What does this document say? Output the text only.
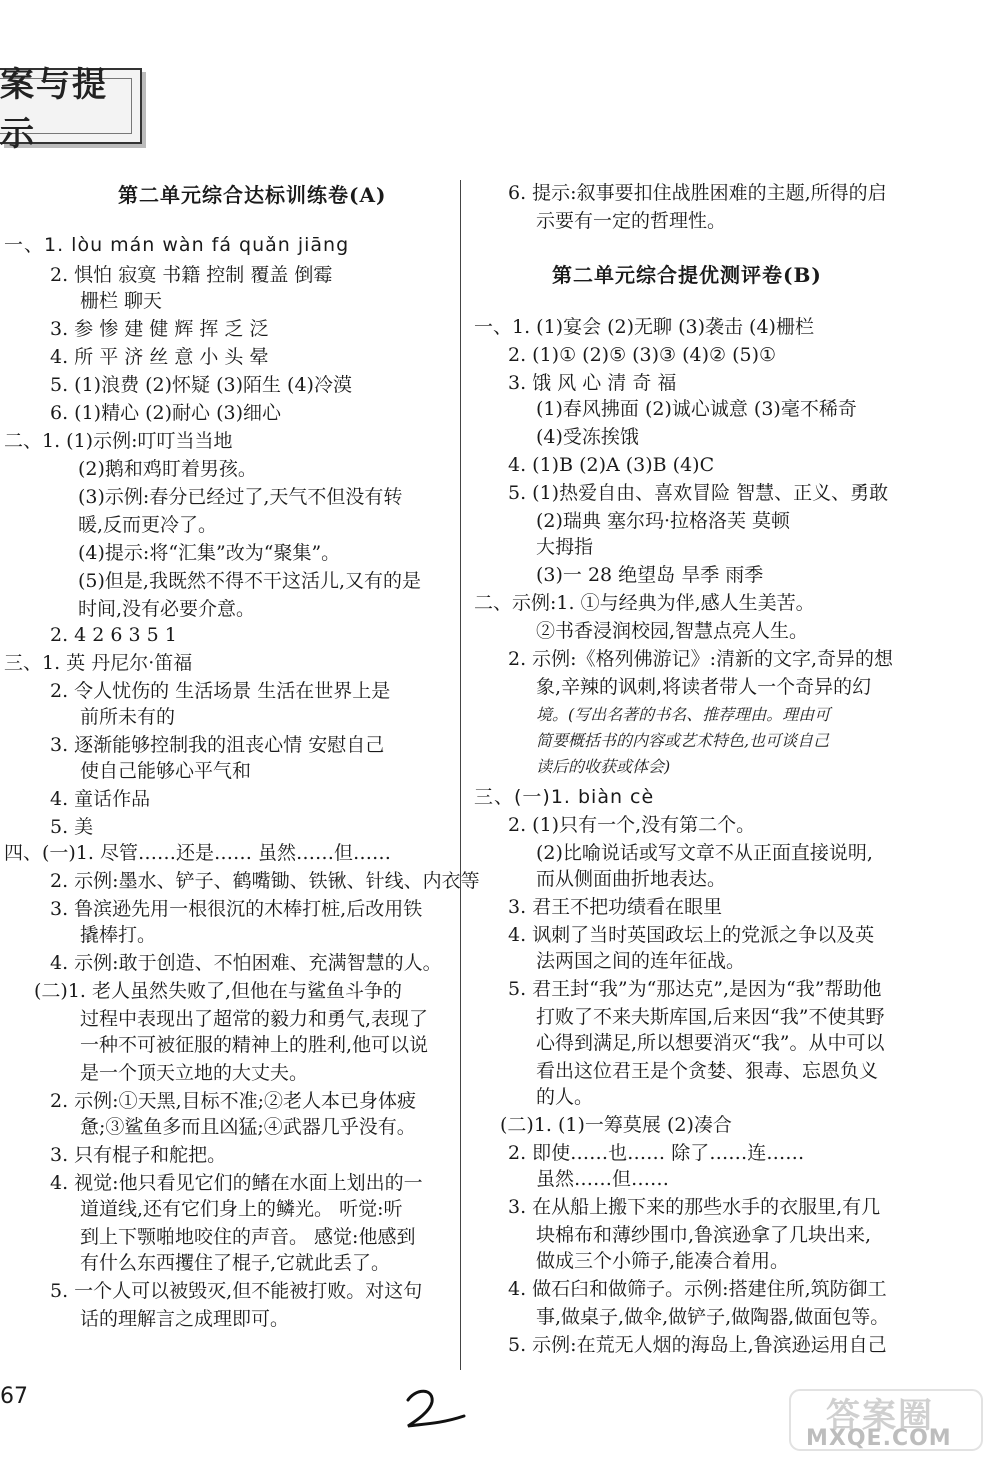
案与提示
第二单元综合达标训练卷(A)
一、1. lòu mán wàn fá quǎn jiāng
2. 惧怕 寂寞 书籍 控制 覆盖 倒霉
栅栏 聊天
3. 参 惨 建 健 辉 挥 乏 泛
4. 所 平 济 丝 意 小 头 晕
5. (1)浪费 (2)怀疑 (3)陌生 (4)冷漠
6. (1)精心 (2)耐心 (3)细心
二、1. (1)示例:叮叮当当地
(2)鹅和鸡盯着男孩。
(3)示例:春分已经过了,天气不但没有转
暖,反而更冷了。
(4)提示:将“汇集”改为“聚集”。
(5)但是,我既然不得不干这活儿,又有的是
时间,没有必要介意。
2. 4 2 6 3 5 1
三、1. 英 丹尼尔·笛福
2. 令人忧伤的 生活场景 生活在世界上是
前所未有的
3. 逐渐能够控制我的沮丧心情 安慰自己
使自己能够心平气和
4. 童话作品
5. 美
四、(一)1. 尽管……还是…… 虽然……但……
2. 示例:墨水、铲子、鹤嘴锄、铁锹、针线、内衣等
3. 鲁滨逊先用一根很沉的木棒打桩,后改用铁
撬棒打。
4. 示例:敢于创造、不怕困难、充满智慧的人。
(二)1. 老人虽然失败了,但他在与鲨鱼斗争的
过程中表现出了超常的毅力和勇气,表现了
一种不可被征服的精神上的胜利,他可以说
是一个顶天立地的大丈夫。
2. 示例:①天黑,目标不准;②老人本已身体疲
惫;③鲨鱼多而且凶猛;④武器几乎没有。
3. 只有棍子和舵把。
4. 视觉:他只看见它们的鳍在水面上划出的一
道道线,还有它们身上的鳞光。 听觉:听
到上下颚啪地咬住的声音。 感觉:他感到
有什么东西攫住了棍子,它就此丢了。
5. 一个人可以被毁灭,但不能被打败。对这句
话的理解言之成理即可。
6. 提示:叙事要扣住战胜困难的主题,所得的启
示要有一定的哲理性。
第二单元综合提优测评卷(B)
一、1. (1)宴会 (2)无聊 (3)袭击 (4)栅栏
2. (1)① (2)⑤ (3)③ (4)② (5)①
3. 饿 风 心 清 奇 福
(1)春风拂面 (2)诚心诚意 (3)毫不稀奇
(4)受冻挨饿
4. (1)B (2)A (3)B (4)C
5. (1)热爱自由、喜欢冒险 智慧、正义、勇敢
(2)瑞典 塞尔玛·拉格洛芙 莫顿
大拇指
(3)一 28 绝望岛 旱季 雨季
二、示例:1. ①与经典为伴,感人生美苦。
②书香浸润校园,智慧点亮人生。
2. 示例:《格列佛游记》:清新的文字,奇异的想
象,辛辣的讽刺,将读者带人一个奇异的幻
境。(写出名著的书名、推荐理由。理由可
简要概括书的内容或艺术特色,也可谈自己
读后的收获或体会)
三、(一)1. biàn cè
2. (1)只有一个,没有第二个。
(2)比喻说话或写文章不从正面直接说明,
而从侧面曲折地表达。
3. 君王不把功绩看在眼里
4. 讽刺了当时英国政坛上的党派之争以及英
法两国之间的连年征战。
5. 君王封“我”为“那达克”,是因为“我”帮助他
打败了不来夫斯库国,后来因“我”不使其野
心得到满足,所以想要消灭“我”。从中可以
看出这位君王是个贪婪、狠毒、忘恩负义
的人。
(二)1. (1)一筹莫展 (2)凑合
2. 即使……也…… 除了……连……
虽然……但……
3. 在从船上搬下来的那些水手的衣服里,有几
块棉布和薄纱围巾,鲁滨逊拿了几块出来,
做成三个小筛子,能凑合着用。
4. 做石臼和做筛子。示例:搭建住所,筑防御工
事,做桌子,做伞,做铲子,做陶器,做面包等。
5. 示例:在荒无人烟的海岛上,鲁滨逊运用自己
67	答案圈
MXQE.COM
